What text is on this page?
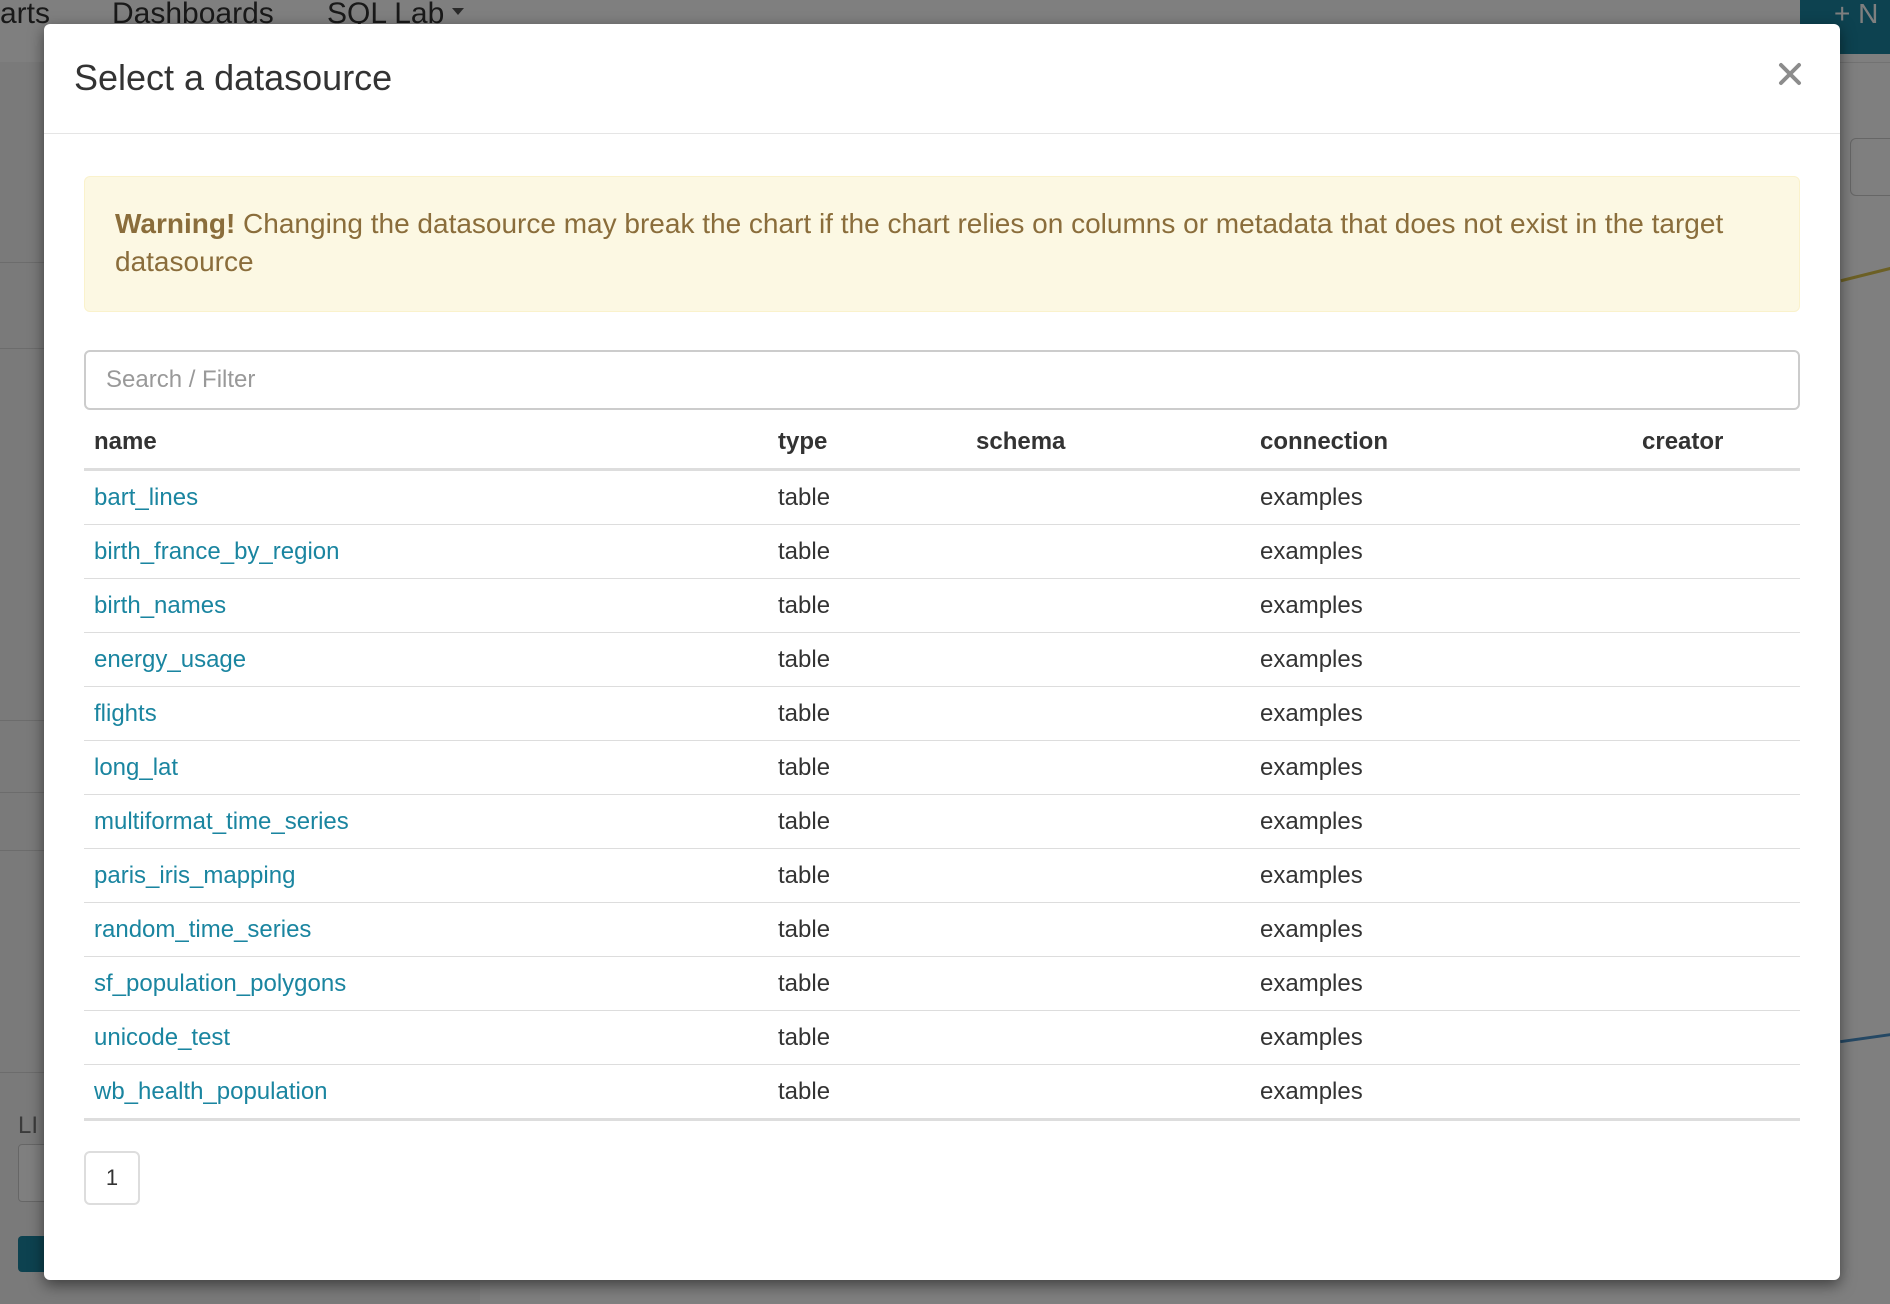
Select a datasource
Warning! Changing the datasource may break the chart if the chart relies on columns or metadata that does not exist in the target datasource
Search / Filter
name	type	schema	connection	creator
bart_lines	table		examples	
birth_france_by_region	table		examples	
birth_names	table		examples	
energy_usage	table		examples	
flights	table		examples	
long_lat	table		examples	
multiformat_time_series	table		examples	
paris_iris_mapping	table		examples	
random_time_series	table		examples	
sf_population_polygons	table		examples	
unicode_test	table		examples	
wb_health_population	table		examples	
1
